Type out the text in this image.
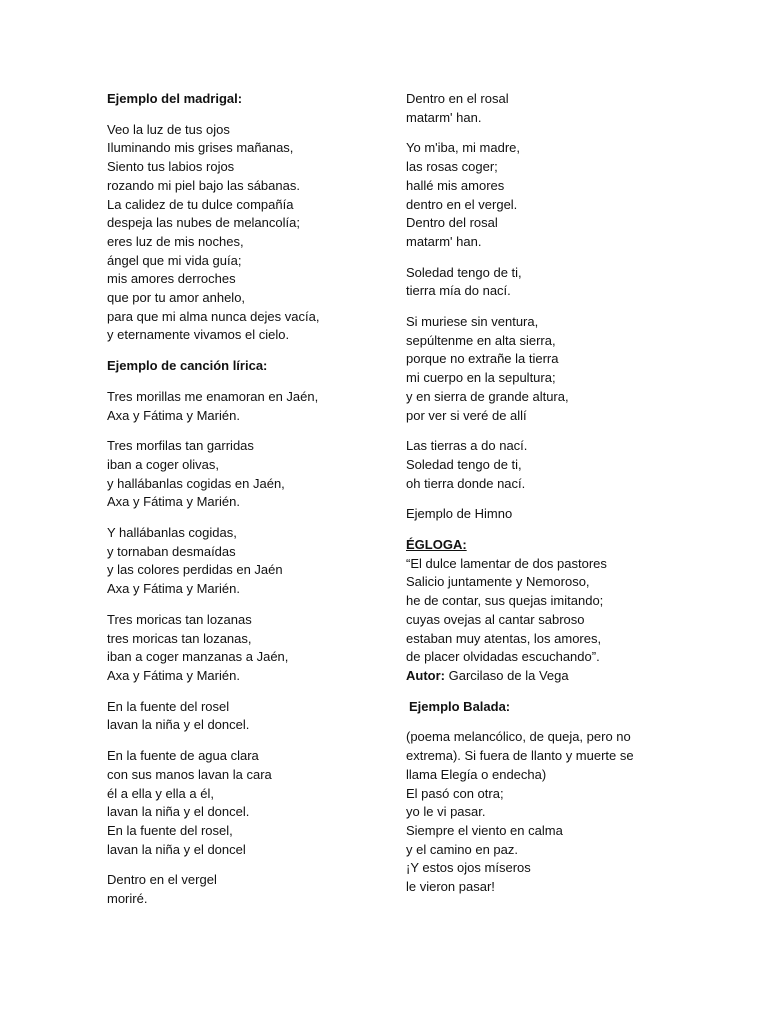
Ejemplo del madrigal:
Veo la luz de tus ojos
Iluminando mis grises mañanas,
Siento tus labios rojos
rozando mi piel bajo las sábanas.
La calidez de tu dulce compañía
despeja las nubes de melancolía;
eres luz de mis noches,
ángel que mi vida guía;
mis amores derroches
que por tu amor anhelo,
para que mi alma nunca dejes vacía,
y eternamente vivamos el cielo.
Ejemplo de canción lírica:
Tres morillas me enamoran en Jaén,
Axa y Fátima y Marién.
Tres morfilas tan garridas
iban a coger olivas,
y hallábanlas cogidas en Jaén,
Axa y Fátima y Marién.
Y hallábanlas cogidas,
y tornaban desmaídas
y las colores perdidas en Jaén
Axa y Fátima y Marién.
Tres moricas tan lozanas
tres moricas tan lozanas,
iban a coger manzanas a Jaén,
Axa y Fátima y Marién.
En la fuente del rosel
lavan la niña y el doncel.
En la fuente de agua clara
con sus manos lavan la cara
él a ella y ella a él,
lavan la niña y el doncel.
En la fuente del rosel,
lavan la niña y el doncel
Dentro en el vergel
moriré.
Dentro en el rosal
matarm' han.
Yo m'iba, mi madre,
las rosas coger;
hallé mis amores
dentro en el vergel.
Dentro del rosal
matarm' han.
Soledad tengo de ti,
tierra mía do nací.
Si muriese sin ventura,
sepúltenme en alta sierra,
porque no extrañe la tierra
mi cuerpo en la sepultura;
y en sierra de grande altura,
por ver si veré de allí
Las tierras a do nací.
Soledad tengo de ti,
oh tierra donde nací.
Ejemplo de Himno
ÉGLOGA:
“El dulce lamentar de dos pastores
Salicio juntamente y Nemoroso,
he de contar, sus quejas imitando;
cuyas ovejas al cantar sabroso
estaban muy atentas, los amores,
de placer olvidadas escuchando”.
Autor: Garcilaso de la Vega
Ejemplo Balada:
(poema melancólico, de queja, pero no
extrema). Si fuera de llanto y muerte se
llama Elegía o endecha)
El pasó con otra;
yo le vi pasar.
Siempre el viento en calma
y el camino en paz.
¡Y estos ojos míseros
le vieron pasar!
